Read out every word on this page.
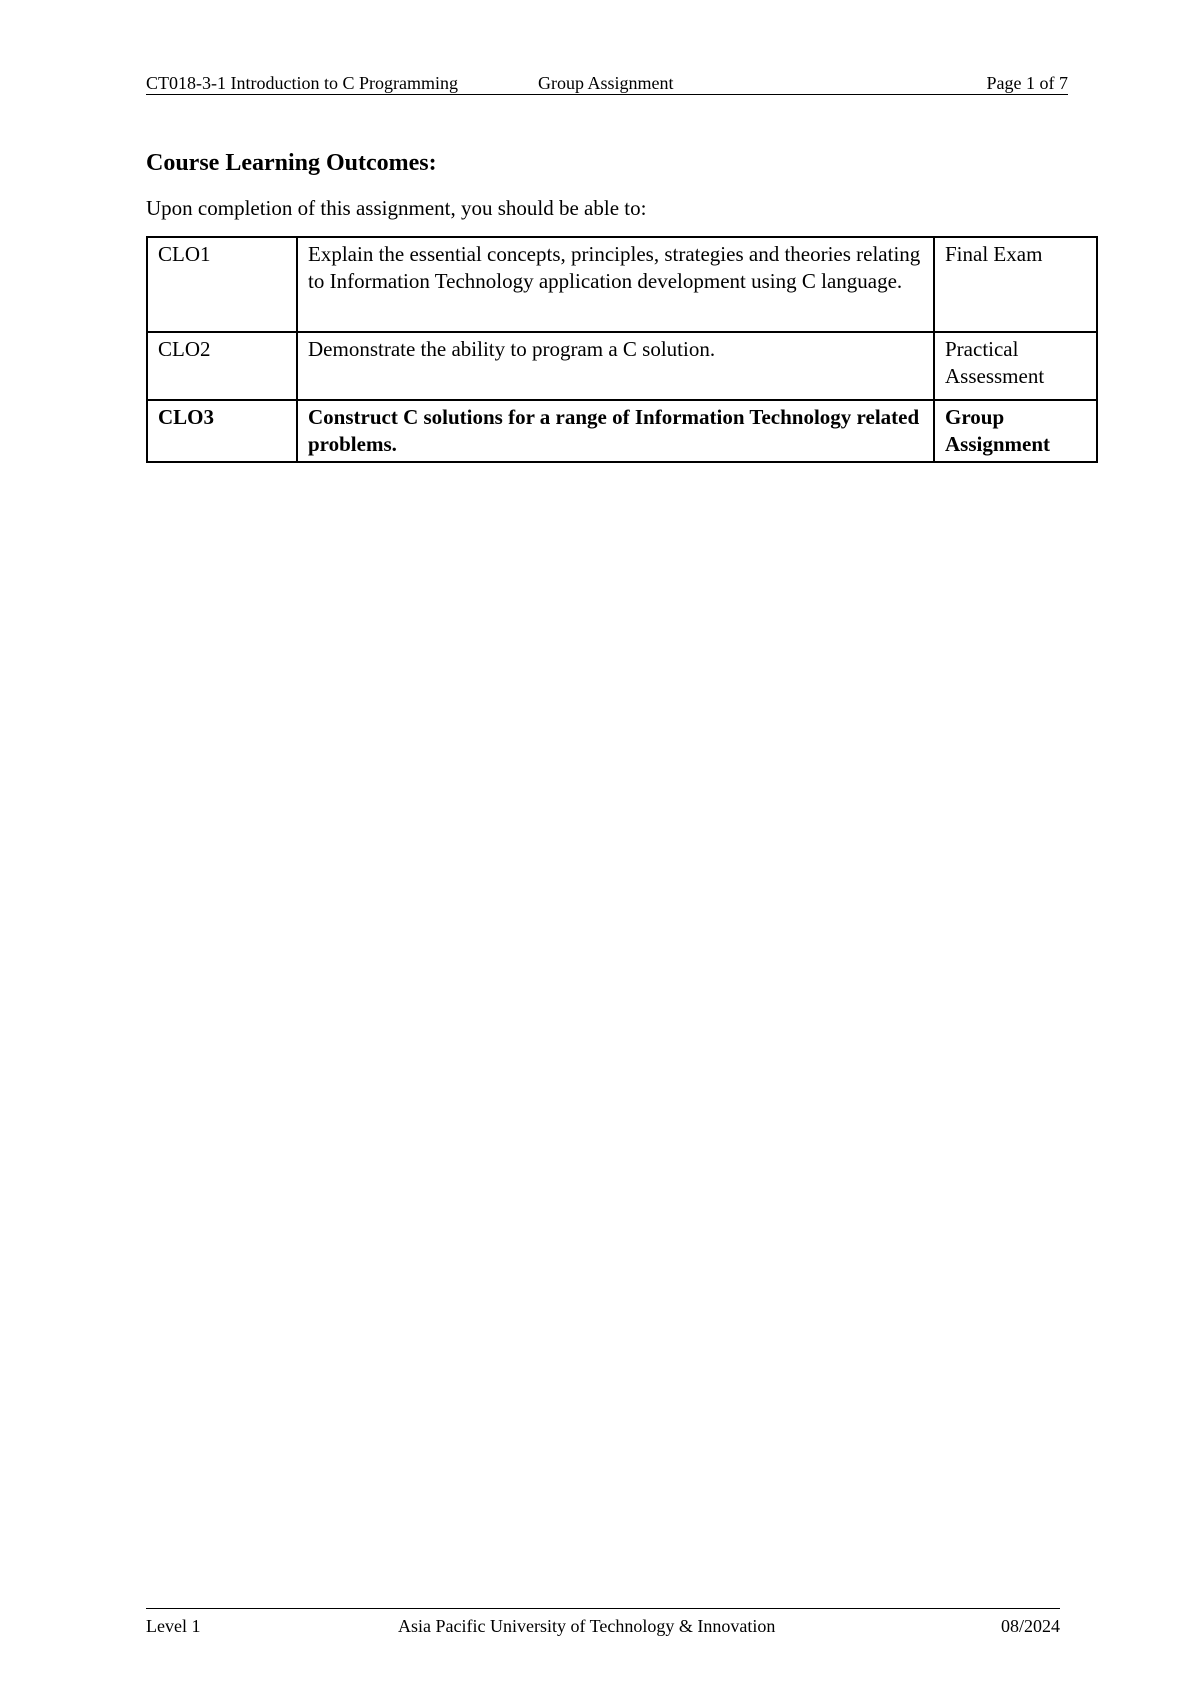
CT018-3-1 Introduction to C Programming	Group Assignment	Page 1 of 7
Course Learning Outcomes:
Upon completion of this assignment, you should be able to:
CLO1	Explain the essential concepts, principles, strategies and theories relating to Information Technology application development using C language.	Final Exam
CLO2	Demonstrate the ability to program a C solution.	Practical Assessment
CLO3	Construct C solutions for a range of Information Technology related problems.	Group Assignment
Level 1	Asia Pacific University of Technology & Innovation	08/2024
